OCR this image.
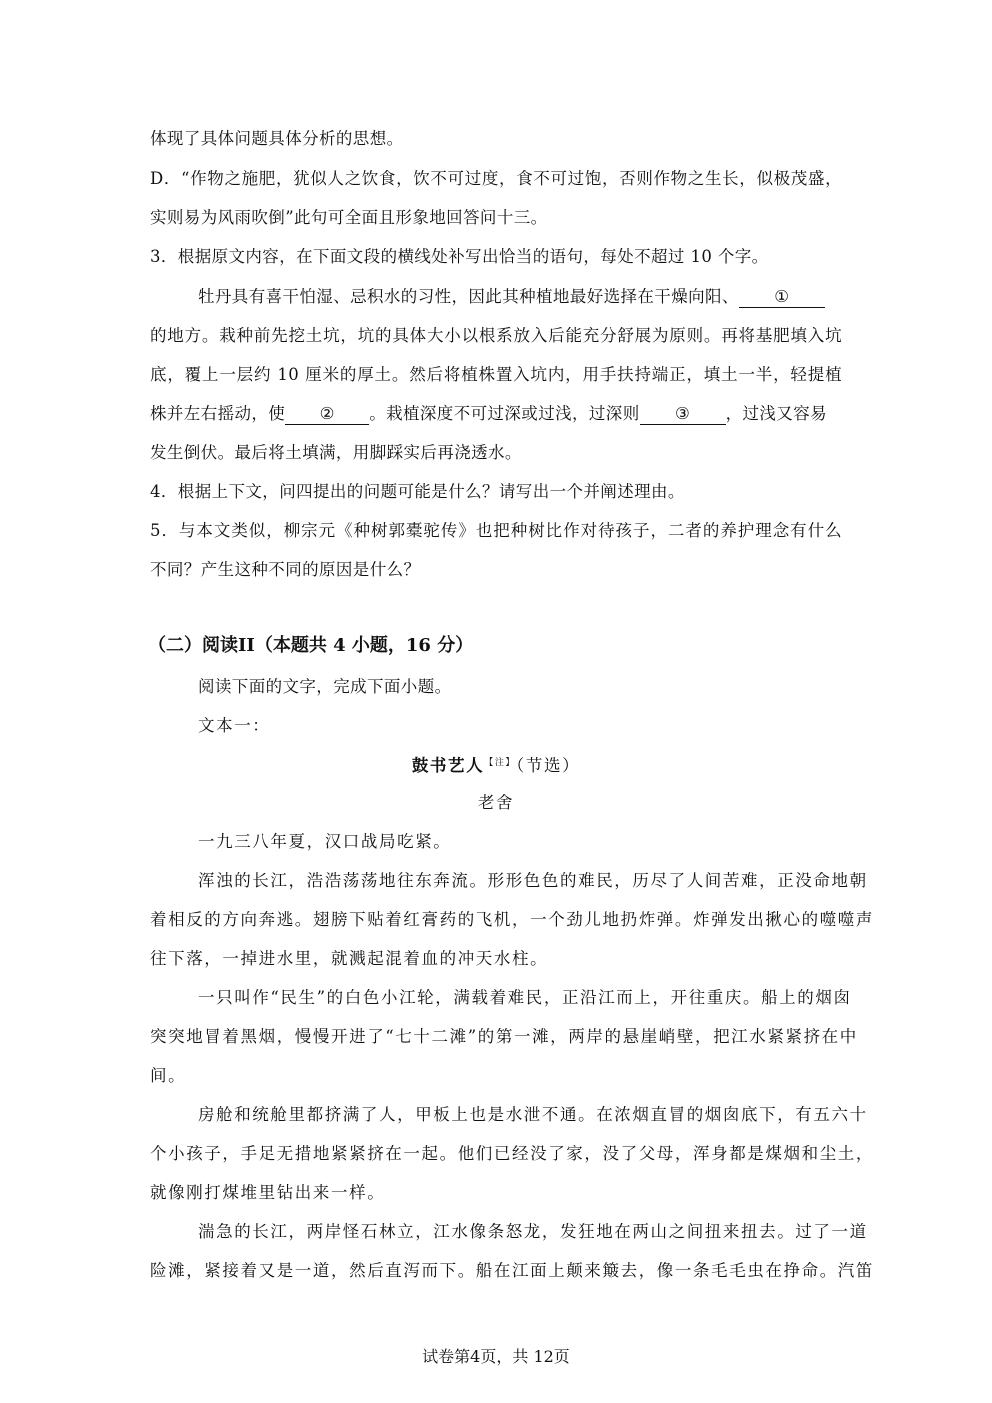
体现了具体问题具体分析的思想。
D．“作物之施肥，犹似人之饮食，饮不可过度，食不可过饱，否则作物之生长，似极茂盛，
实则易为风雨吹倒”此句可全面且形象地回答问十三。
3．根据原文内容，在下面文段的横线处补写出恰当的语句，每处不超过 10 个字。
牡丹具有喜干怕湿、忌积水的习性，因此其种植地最好选择在干燥向阳、 ①
的地方。栽种前先挖土坑，坑的具体大小以根系放入后能充分舒展为原则。再将基肥填入坑
底，覆上一层约 10 厘米的厚土。然后将植株置入坑内，用手扶持端正，填土一半，轻提植
株并左右摇动，使 ② 。栽植深度不可过深或过浅，过深则 ③ ，过浅又容易
发生倒伏。最后将土填满，用脚踩实后再浇透水。
4．根据上下文，问四提出的问题可能是什么？请写出一个并阐述理由。
5．与本文类似，柳宗元《种树郭橐驼传》也把种树比作对待孩子，二者的养护理念有什么
不同？产生这种不同的原因是什么？
（二）阅读II（本题共 4 小题，16 分）
阅读下面的文字，完成下面小题。
文本一：
鼓书艺人$^{【注】}$（节选）
老舍
一九三八年夏，汉口战局吃紧。
浑浊的长江，浩浩荡荡地往东奔流。形形色色的难民，历尽了人间苦难，正没命地朝
着相反的方向奔逃。翅膀下贴着红膏药的飞机，一个劲儿地扔炸弹。炸弹发出揪心的噬噬声
往下落，一掉进水里，就溅起混着血的冲天水柱。
一只叫作“民生”的白色小江轮，满载着难民，正沿江而上，开往重庆。船上的烟囱
突突地冒着黑烟，慢慢开进了“七十二滩”的第一滩，两岸的悬崖峭壁，把江水紧紧挤在中
间。
房舱和统舱里都挤满了人，甲板上也是水泄不通。在浓烟直冒的烟囱底下，有五六十
个小孩子，手足无措地紧紧挤在一起。他们已经没了家，没了父母，浑身都是煤烟和尘土，
就像刚打煤堆里钻出来一样。
湍急的长江，两岸怪石林立，江水像条怒龙，发狂地在两山之间扭来扭去。过了一道
险滩，紧接着又是一道，然后直泻而下。船在江面上颠来簸去，像一条毛毛虫在挣命。汽笛
试卷第4页，共 12页
